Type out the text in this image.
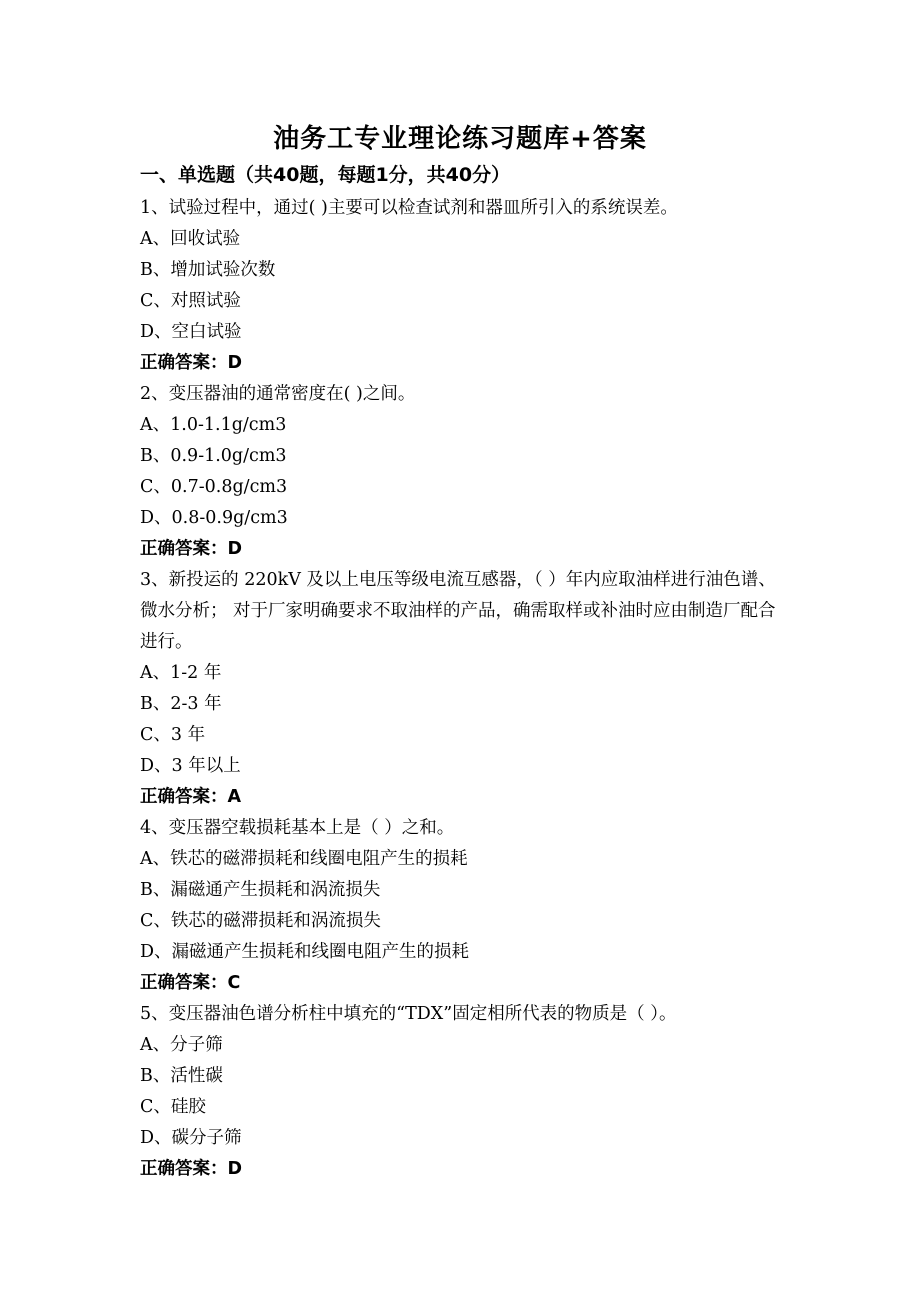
油务工专业理论练习题库+答案
一、单选题（共40题，每题1分，共40分）
1、试验过程中，通过( )主要可以检查试剂和器皿所引入的系统误差。
A、回收试验
B、增加试验次数
C、对照试验
D、空白试验
正确答案：D
2、变压器油的通常密度在( )之间。
A、1.0-1.1g/cm3
B、0.9-1.0g/cm3
C、0.7-0.8g/cm3
D、0.8-0.9g/cm3
正确答案：D
3、新投运的 220kV 及以上电压等级电流互感器，（ ）年内应取油样进行油色谱、 微水分析； 对于厂家明确要求不取油样的产品，确需取样或补油时应由制造厂配合进行。
A、1-2 年
B、2-3 年
C、3 年
D、3 年以上
正确答案：A
4、变压器空载损耗基本上是（ ）之和。
A、铁芯的磁滞损耗和线圈电阻产生的损耗
B、漏磁通产生损耗和涡流损失
C、铁芯的磁滞损耗和涡流损失
D、漏磁通产生损耗和线圈电阻产生的损耗
正确答案：C
5、变压器油色谱分析柱中填充的“TDX”固定相所代表的物质是（ ）。
A、分子筛
B、活性碳
C、硅胶
D、碳分子筛
正确答案：D
